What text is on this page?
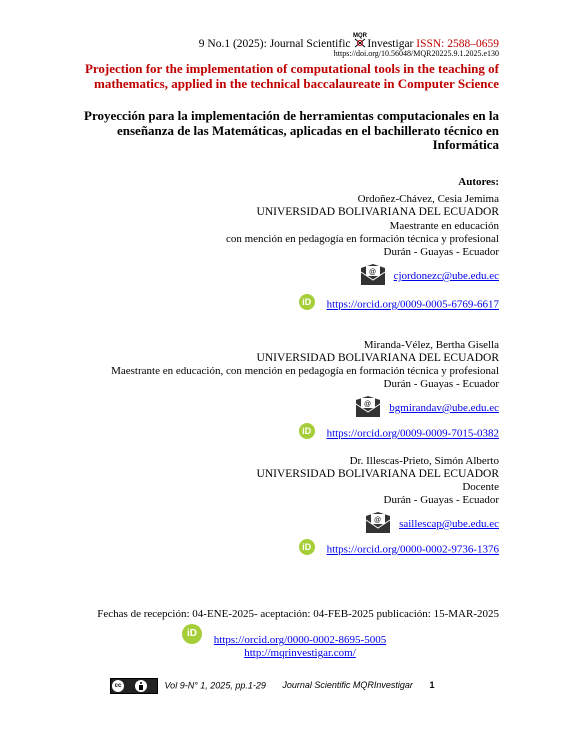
9 No.1 (2025): Journal Scientific
MQR
Investigar ISSN: 2588–0659
https://doi.org/10.56048/MQR20225.9.1.2025.e130
Projection for the implementation of computational tools in the teaching of mathematics, applied in the technical baccalaureate in Computer Science
Proyección para la implementación de herramientas computacionales en la enseñanza de las Matemáticas, aplicadas en el bachillerato técnico en Informática
Autores:
Ordoñez-Chávez, Cesia Jemima
UNIVERSIDAD BOLIVARIANA DEL ECUADOR
Maestrante en educación
con mención en pedagogía en formación técnica y profesional
Durán - Guayas - Ecuador
@ cjordonezc@ube.edu.ec
iD https://orcid.org/0009-0005-6769-6617
Miranda-Vélez, Bertha Gisella
UNIVERSIDAD BOLIVARIANA DEL ECUADOR
Maestrante en educación, con mención en pedagogía en formación técnica y profesional
Durán - Guayas - Ecuador
@ bgmirandav@ube.edu.ec
iD https://orcid.org/0009-0009-7015-0382
Dr. Illescas-Prieto, Simón Alberto
UNIVERSIDAD BOLIVARIANA DEL ECUADOR
Docente
Durán - Guayas - Ecuador
@ saillescap@ube.edu.ec
iD https://orcid.org/0000-0002-9736-1376
Fechas de recepción: 04-ENE-2025- aceptación: 04-FEB-2025 publicación: 15-MAR-2025
iD
https://orcid.org/0000-0002-8695-5005
http://mqrinvestigar.com/
cc	Vol 9-N° 1, 2025, pp.1-29 Journal Scientific MQRInvestigar 1
